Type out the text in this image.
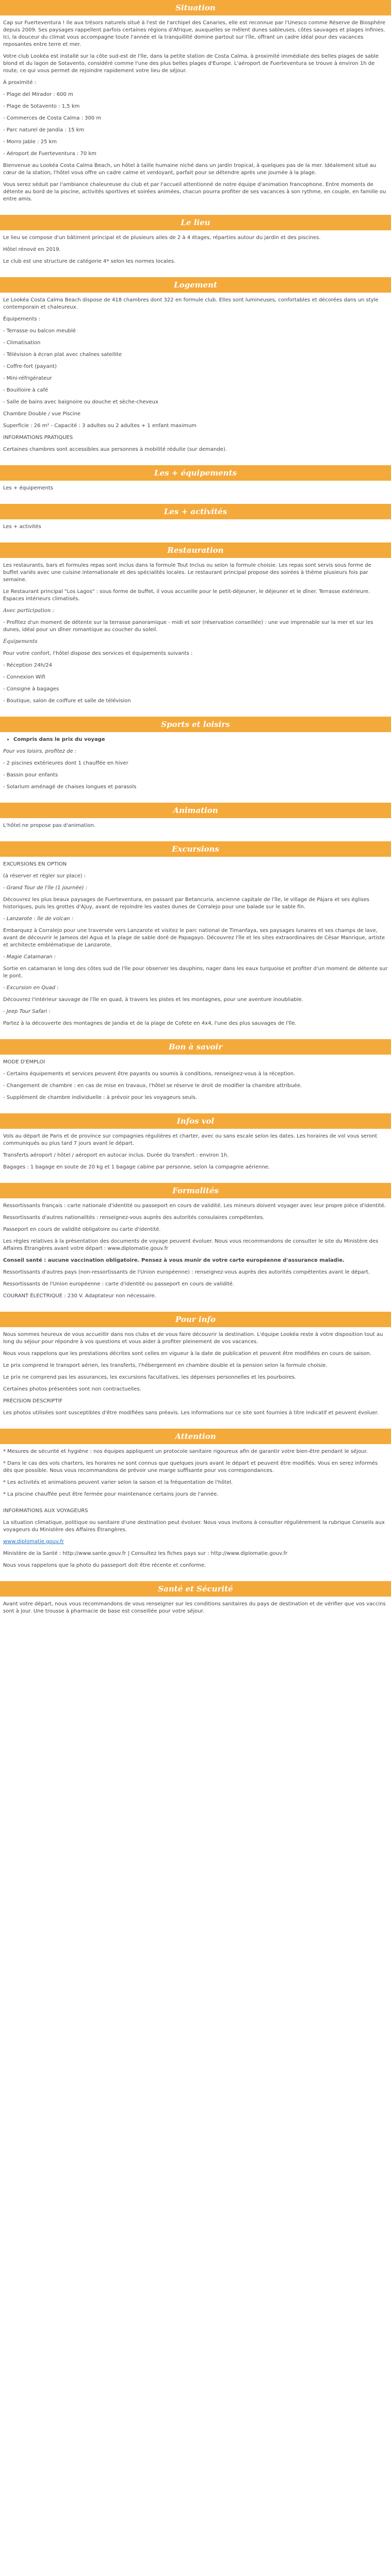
Situation

Cap sur Fuerteventura ! Ile aux trésors naturels situé à l'est de l'archipel des Canaries, elle est reconnue par l'Unesco comme Réserve de Biosphère depuis 2009. Ses paysages rappellent parfois certaines régions d'Afrique, auxquelles se mêlent dunes sableuses, côtes sauvages et plages infinies. Ici, la douceur du climat vous accompagne toute l'année et la tranquillité domine partout sur l'île, offrant un cadre idéal pour des vacances reposantes entre terre et mer.

Votre club Lookéa est installé sur la côte sud-est de l'île, dans la petite station de Costa Calma, à proximité immédiate des belles plages de sable blond et du lagon de Sotavento, considéré comme l'une des plus belles plages d'Europe. L'aéroport de Fuerteventura se trouve à environ 1h de route, ce qui vous permet de rejoindre rapidement votre lieu de séjour.

À proximité :

- Plage del Mirador : 600 m

- Plage de Sotavento : 1,5 km

- Commerces de Costa Calma : 300 m

- Parc naturel de Jandia : 15 km

- Morro Jable : 25 km

- Aéroport de Fuerteventura : 70 km

Bienvenue au Lookéa Costa Calma Beach, un hôtel à taille humaine niché dans un jardin tropical, à quelques pas de la mer. Idéalement situé au cœur de la station, l'hôtel vous offre un cadre calme et verdoyant, parfait pour se détendre après une journée à la plage.

Vous serez séduit par l'ambiance chaleureuse du club et par l'accueil attentionné de notre équipe d'animation francophone. Entre moments de détente au bord de la piscine, activités sportives et soirées animées, chacun pourra profiter de ses vacances à son rythme, en couple, en famille ou entre amis.

Le lieu

Le lieu se compose d'un bâtiment principal et de plusieurs ailes de 2 à 4 étages, réparties autour du jardin et des piscines.

Hôtel rénové en 2019.

Le club est une structure de catégorie 4* selon les normes locales.

Logement

Le Lookéa Costa Calma Beach dispose de 418 chambres dont 322 en formule club. Elles sont lumineuses, confortables et décorées dans un style contemporain et chaleureux.

Équipements :

- Terrasse ou balcon meublé

- Climatisation

- Télévision à écran plat avec chaînes satellite

- Coffre-fort (payant)

- Mini-réfrigérateur

- Bouilloire à café

- Salle de bains avec baignoire ou douche et sèche-cheveux

Chambre Double / vue Piscine

Superficie : 26 m² - Capacité : 3 adultes ou 2 adultes + 1 enfant maximum

INFORMATIONS PRATIQUES

Certaines chambres sont accessibles aux personnes à mobilité réduite (sur demande).

Les + équipements

Les + équipements

Les + activités

Les + activités

Restauration

Les restaurants, bars et formules repas sont inclus dans la formule Tout Inclus ou selon la formule choisie. Les repas sont servis sous forme de buffet variés avec une cuisine internationale et des spécialités locales. Le restaurant principal propose des soirées à thème plusieurs fois par semaine.

Le Restaurant principal "Los Lagos" : sous forme de buffet, il vous accueille pour le petit-déjeuner, le déjeuner et le dîner. Terrasse extérieure. Espaces intérieurs climatisés.

Avec participation :

- Profitez d'un moment de détente sur la terrasse panoramique - midi et soir (réservation conseillée) : une vue imprenable sur la mer et sur les dunes, idéal pour un dîner romantique au coucher du soleil.

Équipements

Pour votre confort, l'hôtel dispose des services et équipements suivants :

- Réception 24h/24

- Connexion Wifi

- Consigne à bagages

- Boutique, salon de coiffure et salle de télévision

Sports et loisirs
• Compris dans le prix du voyage

Pour vos loisirs, profitez de :

- 2 piscines extérieures dont 1 chauffée en hiver

- Bassin pour enfants

- Solarium aménagé de chaises longues et parasols

Animation

L'hôtel ne propose pas d'animation.

Excursions

EXCURSIONS EN OPTION

(à réserver et régler sur place) :

- Grand Tour de l'île (1 journée) :

Découvrez les plus beaux paysages de Fuerteventura, en passant par Betancuria, ancienne capitale de l'île, le village de Pájara et ses églises historiques, puis les grottes d'Ajuy, avant de rejoindre les vastes dunes de Corralejo pour une balade sur le sable fin.

- Lanzarote : île de volcan :

Embarquez à Corralejo pour une traversée vers Lanzarote et visitez le parc national de Timanfaya, ses paysages lunaires et ses champs de lave, avant de découvrir le Jameos del Agua et la plage de sable doré de Papagayo. Découvrez l'île et les sites extraordinaires de César Manrique, artiste et architecte emblématique de Lanzarote.

- Magie Catamaran :

Sortie en catamaran le long des côtes sud de l'île pour observer les dauphins, nager dans les eaux turquoise et profiter d'un moment de détente sur le pont.

- Excursion en Quad :

Découvrez l'intérieur sauvage de l'île en quad, à travers les pistes et les montagnes, pour une aventure inoubliable.

- Jeep Tour Safari :

Partez à la découverte des montagnes de Jandia et de la plage de Cofete en 4x4, l'une des plus sauvages de l'île.

Bon à savoir

MODE D'EMPLOI

- Certains équipements et services peuvent être payants ou soumis à conditions, renseignez-vous à la réception.

- Changement de chambre : en cas de mise en travaux, l'hôtel se réserve le droit de modifier la chambre attribuée.

- Supplément de chambre individuelle : à prévoir pour les voyageurs seuls.

Infos vol

Vols au départ de Paris et de province sur compagnies régulières et charter, avec ou sans escale selon les dates. Les horaires de vol vous seront communiqués au plus tard 7 jours avant le départ.

Transferts aéroport / hôtel / aéroport en autocar inclus. Durée du transfert : environ 1h.

Bagages : 1 bagage en soute de 20 kg et 1 bagage cabine par personne, selon la compagnie aérienne.

Formalités

Ressortissants français : carte nationale d'identité ou passeport en cours de validité. Les mineurs doivent voyager avec leur propre pièce d'identité.

Ressortissants d'autres nationalités : renseignez-vous auprès des autorités consulaires compétentes.

Passeport en cours de validité obligatoire ou carte d'identité.

Les règles relatives à la présentation des documents de voyage peuvent évoluer. Nous vous recommandons de consulter le site du Ministère des Affaires Étrangères avant votre départ : www.diplomatie.gouv.fr

Conseil santé : aucune vaccination obligatoire. Pensez à vous munir de votre carte européenne d'assurance maladie.

Ressortissants d'autres pays (non-ressortissants de l'Union européenne) : renseignez-vous auprès des autorités compétentes avant le départ.

Ressortissants de l'Union européenne : carte d'identité ou passeport en cours de validité.

COURANT ÉLECTRIQUE : 230 V. Adaptateur non nécessaire.

Pour info

Nous sommes heureux de vous accueillir dans nos clubs et de vous faire découvrir la destination. L'équipe Lookéa reste à votre disposition tout au long du séjour pour répondre à vos questions et vous aider à profiter pleinement de vos vacances.

Nous vous rappelons que les prestations décrites sont celles en vigueur à la date de publication et peuvent être modifiées en cours de saison.

Le prix comprend le transport aérien, les transferts, l'hébergement en chambre double et la pension selon la formule choisie.

Le prix ne comprend pas les assurances, les excursions facultatives, les dépenses personnelles et les pourboires.

Certaines photos présentées sont non contractuelles.

PRÉCISION DESCRIPTIF

Les photos utilisées sont susceptibles d'être modifiées sans préavis. Les informations sur ce site sont fournies à titre indicatif et peuvent évoluer.

Attention

* Mesures de sécurité et hygiène : nos équipes appliquent un protocole sanitaire rigoureux afin de garantir votre bien-être pendant le séjour.

* Dans le cas des vols charters, les horaires ne sont connus que quelques jours avant le départ et peuvent être modifiés. Vous en serez informés dès que possible. Nous vous recommandons de prévoir une marge suffisante pour vos correspondances.

* Les activités et animations peuvent varier selon la saison et la fréquentation de l'hôtel.

* La piscine chauffée peut être fermée pour maintenance certains jours de l'année.

INFORMATIONS AUX VOYAGEURS

La situation climatique, politique ou sanitaire d'une destination peut évoluer. Nous vous invitons à consulter régulièrement la rubrique Conseils aux voyageurs du Ministère des Affaires Étrangères.

www.diplomatie.gouv.fr

Ministère de la Santé : http://www.sante.gouv.fr | Consultez les fiches pays sur : http://www.diplomatie.gouv.fr

Nous vous rappelons que la photo du passeport doit être récente et conforme.

Santé et Sécurité

Avant votre départ, nous vous recommandons de vous renseigner sur les conditions sanitaires du pays de destination et de vérifier que vos vaccins sont à jour. Une trousse à pharmacie de base est conseillée pour votre séjour.
